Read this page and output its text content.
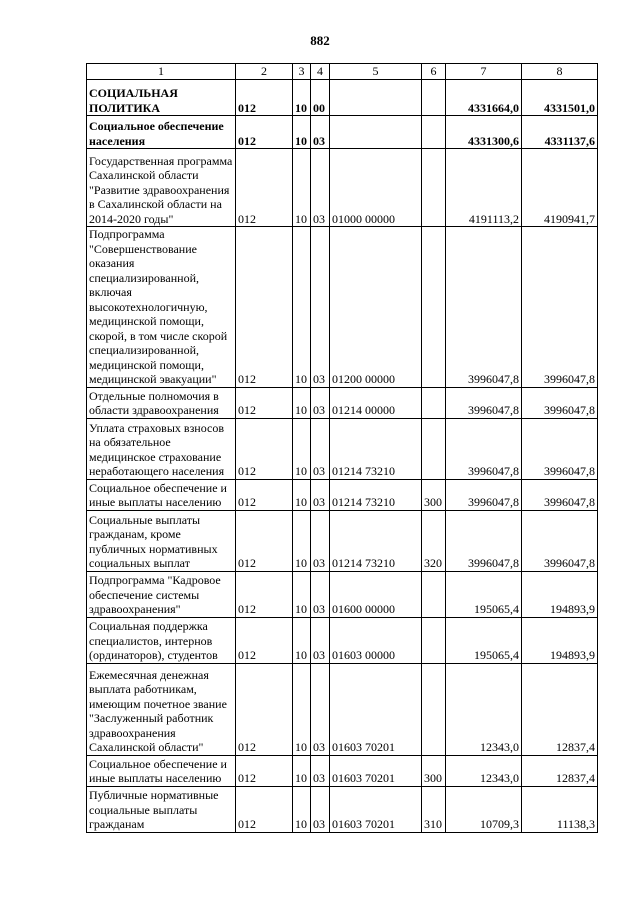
882
1	2	3	4	5	6	7	8
СОЦИАЛЬНАЯ ПОЛИТИКА	012	10	00			4331664,0	4331501,0
Социальное обеспечение населения	012	10	03			4331300,6	4331137,6
Государственная программа Сахалинской области "Развитие здравоохранения в Сахалинской области на 2014-2020 годы"	012	10	03	01000 00000		4191113,2	4190941,7
Подпрограмма "Совершенствование оказания специализированной, включая высокотехнологичную, медицинской помощи, скорой, в том числе скорой специализированной, медицинской помощи, медицинской эвакуации"	012	10	03	01200 00000		3996047,8	3996047,8
Отдельные полномочия в области здравоохранения	012	10	03	01214 00000		3996047,8	3996047,8
Уплата страховых взносов на обязательное медицинское страхование неработающего населения	012	10	03	01214 73210		3996047,8	3996047,8
Социальное обеспечение и иные выплаты населению	012	10	03	01214 73210	300	3996047,8	3996047,8
Социальные выплаты гражданам, кроме публичных нормативных социальных выплат	012	10	03	01214 73210	320	3996047,8	3996047,8
Подпрограмма "Кадровое обеспечение системы здравоохранения"	012	10	03	01600 00000		195065,4	194893,9
Социальная поддержка специалистов, интернов (ординаторов), студентов	012	10	03	01603 00000		195065,4	194893,9
Ежемесячная денежная выплата работникам, имеющим почетное звание "Заслуженный работник здравоохранения Сахалинской области"	012	10	03	01603 70201		12343,0	12837,4
Социальное обеспечение и иные выплаты населению	012	10	03	01603 70201	300	12343,0	12837,4
Публичные нормативные социальные выплаты гражданам	012	10	03	01603 70201	310	10709,3	11138,3
